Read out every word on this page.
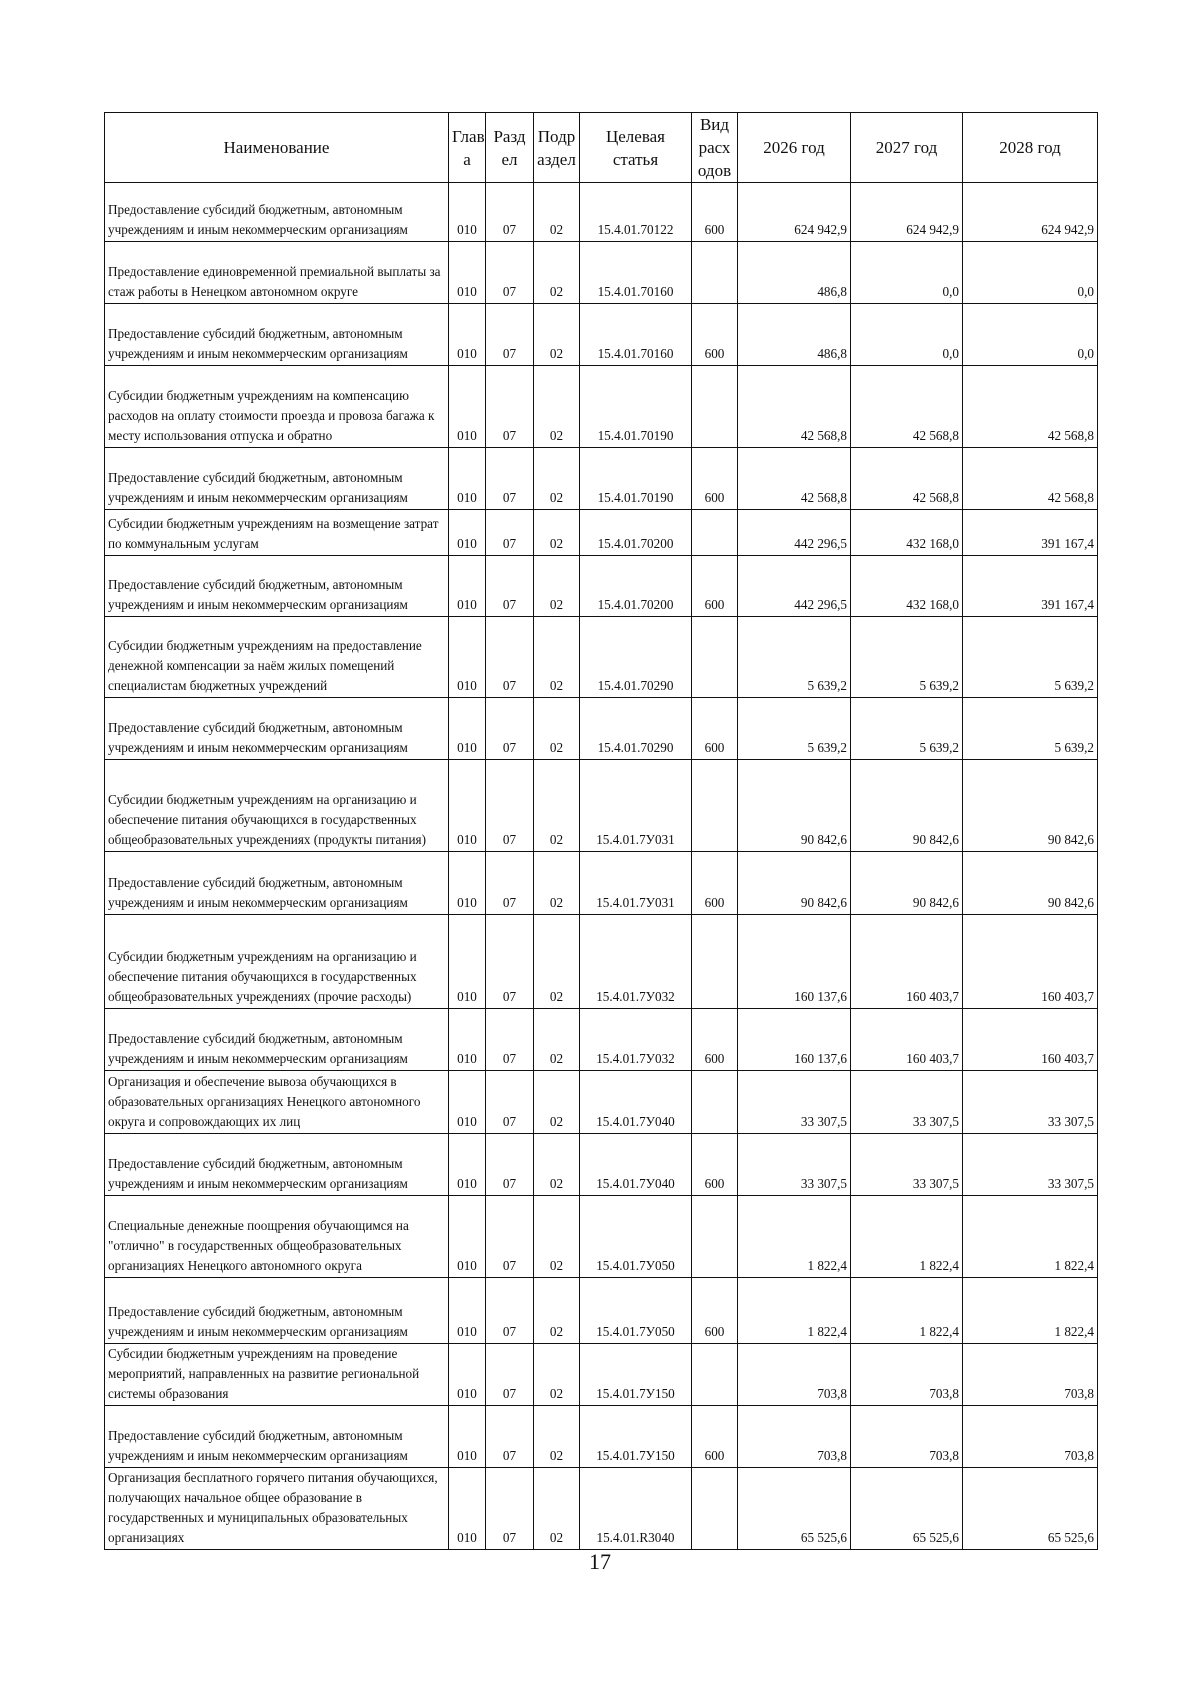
Наименование	Глав а	Разд ел	Подр аздел	Целевая статья	Вид расх одов	2026 год	2027 год	2028 год
Предоставление субсидий бюджетным, автономным учреждениям и иным некоммерческим организациям	010	07	02	15.4.01.70122	600	624 942,9	624 942,9	624 942,9
Предоставление единовременной премиальной выплаты за стаж работы в Ненецком автономном округе	010	07	02	15.4.01.70160		486,8	0,0	0,0
Предоставление субсидий бюджетным, автономным учреждениям и иным некоммерческим организациям	010	07	02	15.4.01.70160	600	486,8	0,0	0,0
Субсидии бюджетным учреждениям на компенсацию расходов на оплату стоимости проезда и провоза багажа к месту использования отпуска и обратно	010	07	02	15.4.01.70190		42 568,8	42 568,8	42 568,8
Предоставление субсидий бюджетным, автономным учреждениям и иным некоммерческим организациям	010	07	02	15.4.01.70190	600	42 568,8	42 568,8	42 568,8
Субсидии бюджетным учреждениям на возмещение затрат по коммунальным услугам	010	07	02	15.4.01.70200		442 296,5	432 168,0	391 167,4
Предоставление субсидий бюджетным, автономным учреждениям и иным некоммерческим организациям	010	07	02	15.4.01.70200	600	442 296,5	432 168,0	391 167,4
Субсидии бюджетным учреждениям на предоставление денежной компенсации за наём жилых помещений специалистам бюджетных учреждений	010	07	02	15.4.01.70290		5 639,2	5 639,2	5 639,2
Предоставление субсидий бюджетным, автономным учреждениям и иным некоммерческим организациям	010	07	02	15.4.01.70290	600	5 639,2	5 639,2	5 639,2
Субсидии бюджетным учреждениям на организацию и обеспечение питания обучающихся в государственных общеобразовательных учреждениях (продукты питания)	010	07	02	15.4.01.7У031		90 842,6	90 842,6	90 842,6
Предоставление субсидий бюджетным, автономным учреждениям и иным некоммерческим организациям	010	07	02	15.4.01.7У031	600	90 842,6	90 842,6	90 842,6
Субсидии бюджетным учреждениям на организацию и обеспечение питания обучающихся в государственных общеобразовательных учреждениях (прочие расходы)	010	07	02	15.4.01.7У032		160 137,6	160 403,7	160 403,7
Предоставление субсидий бюджетным, автономным учреждениям и иным некоммерческим организациям	010	07	02	15.4.01.7У032	600	160 137,6	160 403,7	160 403,7
Организация и обеспечение вывоза обучающихся в образовательных организациях Ненецкого автономного округа и сопровождающих их лиц	010	07	02	15.4.01.7У040		33 307,5	33 307,5	33 307,5
Предоставление субсидий бюджетным, автономным учреждениям и иным некоммерческим организациям	010	07	02	15.4.01.7У040	600	33 307,5	33 307,5	33 307,5
Специальные денежные поощрения обучающимся на "отлично" в государственных общеобразовательных организациях Ненецкого автономного округа	010	07	02	15.4.01.7У050		1 822,4	1 822,4	1 822,4
Предоставление субсидий бюджетным, автономным учреждениям и иным некоммерческим организациям	010	07	02	15.4.01.7У050	600	1 822,4	1 822,4	1 822,4
Субсидии бюджетным учреждениям на проведение мероприятий, направленных на развитие региональной системы образования	010	07	02	15.4.01.7У150		703,8	703,8	703,8
Предоставление субсидий бюджетным, автономным учреждениям и иным некоммерческим организациям	010	07	02	15.4.01.7У150	600	703,8	703,8	703,8
Организация бесплатного горячего питания обучающихся, получающих начальное общее образование в государственных и муниципальных образовательных организациях	010	07	02	15.4.01.R3040		65 525,6	65 525,6	65 525,6
17
